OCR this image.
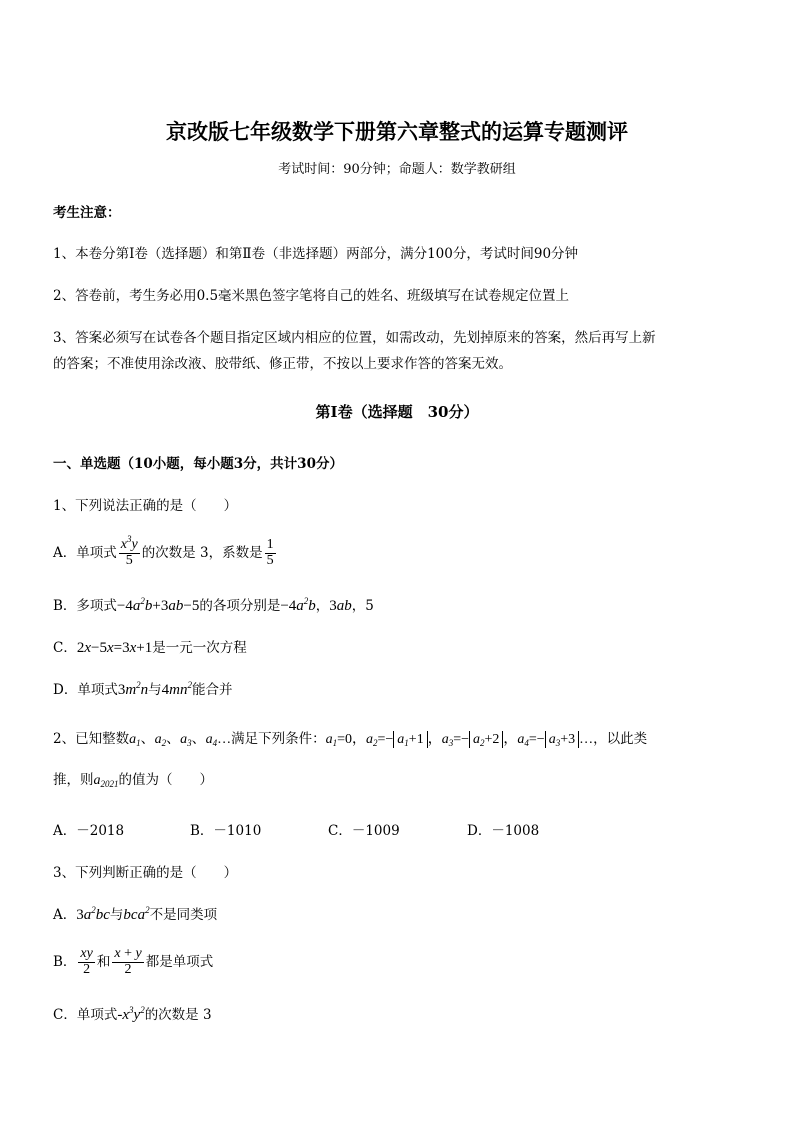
京改版七年级数学下册第六章整式的运算专题测评
考试时间：90分钟；命题人：数学教研组
考生注意：
1、本卷分第Ⅰ卷（选择题）和第Ⅱ卷（非选择题）两部分，满分100分，考试时间90分钟
2、答卷前，考生务必用0.5毫米黑色签字笔将自己的姓名、班级填写在试卷规定位置上
3、答案必须写在试卷各个题目指定区域内相应的位置，如需改动，先划掉原来的答案，然后再写上新
的答案；不准使用涂改液、胶带纸、修正带，不按以上要求作答的答案无效。
第Ⅰ卷（选择题　30分）
一、单选题（10小题，每小题3分，共计30分）
1、下列说法正确的是（　　）
A．单项式 $\frac{x^3y}{5}$ 的次数是 3，系数是 $\frac{1}{5}$
B．多项式$-4a^2b+3ab-5$的各项分别是$-4a^2b$，3ab，5
C．2x−5x=3x+1是一元一次方程
D．单项式$3m^2n$与$4mn^2$能合并
2、已知整数$a_1$、$a_2$、$a_3$、$a_4\dots$满足下列条件：$a_1=0$，$a_2=- a_1+1$ ，$a_3=- a_2+2$ ，$a_4=- a_3+3$ …，以此类
推，则$a_{2021}$的值为（　　）
A．－2018	B．－1010	C．－1009	D．－1008
3、下列判断正确的是（　　）
A．$3a^2bc$与bca$^2$不是同类项
B． $\frac{xy}{2}$ 和 $\frac{x + y}{2}$ 都是单项式
C．单项式$-x^3y^2$的次数是 3
